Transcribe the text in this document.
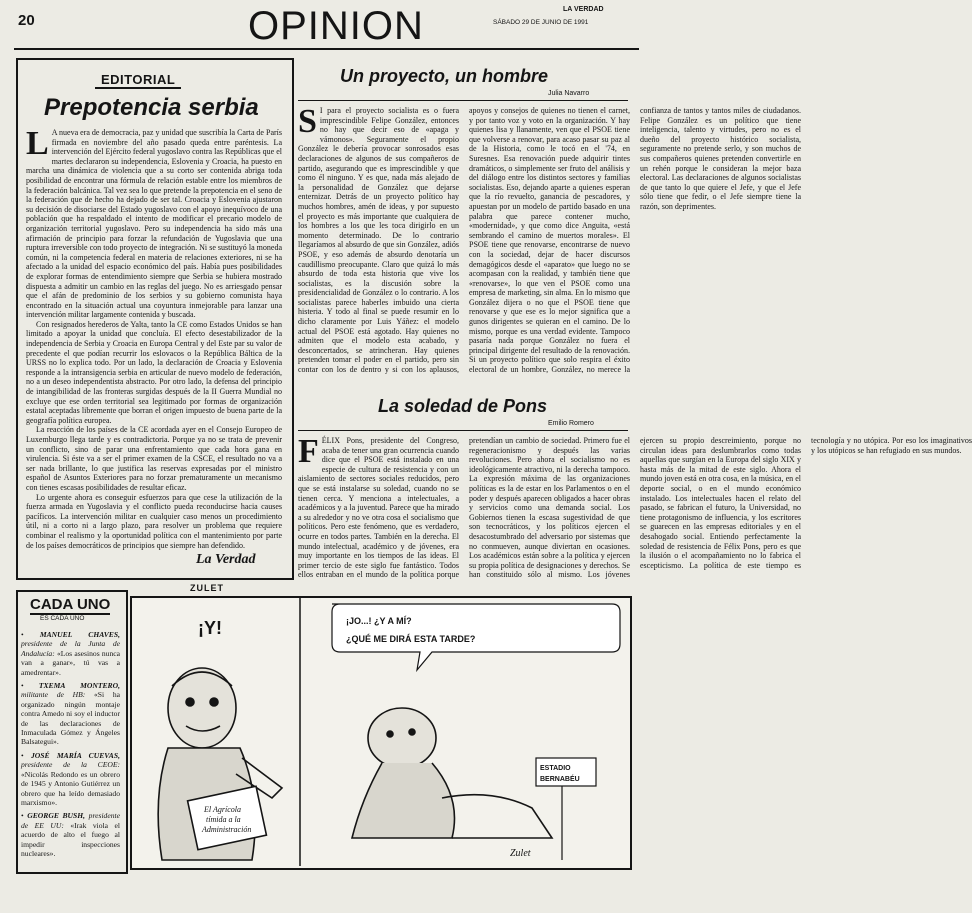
20	OPINION	LA VERDAD
SÁBADO 29 DE JUNIO DE 1991
EDITORIAL
Prepotencia serbia

L A nueva era de democracia, paz y unidad que suscribía la Carta de París firmada en noviembre del año pasado queda entre paréntesis. La intervención del Ejército federal yugoslavo contra las Repúblicas que el martes declararon su independencia, Eslovenia y Croacia, ha puesto en marcha una dinámica de violencia que a su corto ser contenida abriga toda posibilidad de encontrar una fórmula de relación estable entre los miembros de la federación balcánica. Tal vez sea lo que pretende la prepotencia en el seno de la federación que de hecho ha dejado de ser tal. Croacia y Eslovenia ajustaron su decisión de disociarse del Estado yugoslavo con el apoyo inequívoco de una población que ha respaldado el intento de modificar el precario modelo de organización territorial yugoslavo. Pero su independencia ha sido más una afirmación de principio para forzar la refundación de Yugoslavia que una ruptura irreversible con todo proyecto de integración. Ni se sustituyó la moneda común, ni la competencia federal en materia de relaciones exteriores, ni se ha afectado a la unidad del espacio económico del país. Había pues posibilidades de explorar formas de entendimiento siempre que Serbia se hubiera mostrado dispuesta a admitir un cambio en las reglas del juego. No es arriesgado pensar que el afán de predominio de los serbios y su gobierno comunista haya encontrado en la situación actual una coyuntura inmejorable para lanzar una intervención militar largamente contenida y buscada.

Con resignados herederos de Yalta, tanto la CE como Estados Unidos se han limitado a apoyar la unidad que concluía. El efecto desestabilizador de la independencia de Serbia y Croacia en Europa Central y del Este par su valor de precedente el que podían recurrir los eslovacos o la República Báltica de la URSS no lo explica todo. Por un lado, la declaración de Croacia y Eslovenia responde a la intransigencia serbia en articular de nuevo modelo de federación, no a un deseo independentista abstracto. Por otro lado, la defensa del principio de intangibilidad de las fronteras surgidas después de la II Guerra Mundial no excluye que ese orden territorial sea legitimado por formas de organización estatal aceptadas libremente que borran el origen impuesto de buena parte de la geografía política europea.

La reacción de los países de la CE acordada ayer en el Consejo Europeo de Luxemburgo llega tarde y es contradictoria. Porque ya no se trata de prevenir un conflicto, sino de parar una enfrentamiento que cada hora gana en virulencia. Si éste va a ser el primer examen de la CSCE, el resultado no va a ser nada brillante, lo que justifica las reservas expresadas por el ministro español de Asuntos Exteriores para no forzar prematuramente un mecanismo con tienes escasas posibilidades de resultar eficaz.

Lo urgente ahora es conseguir esfuerzos para que cese la utilización de la fuerza armada en Yugoslavia y el conflicto pueda reconducirse hacia causes pacíficos. La intervención militar en cualquier caso menos un procedimiento útil, ni a corto ni a largo plazo, para resolver un problema que requiere combinar el realismo y la oportunidad política con el mantenimiento por parte de los países democráticos de principios que siempre han defendido.

La Verdad
Un proyecto, un hombre
Julia Navarro

S I para el proyecto socialista es o fuera imprescindible Felipe González, entonces no hay que decir eso de «apaga y vámonos». Seguramente el propio González le debería provocar sonrosados esas declaraciones de algunos de sus compañeros de partido, asegurando que es imprescindible y que como él ninguno. Y es que, nada más alejado de la personalidad de González que dejarse enternizar. Detrás de un proyecto político hay muchos hombres, amén de ideas, y por supuesto el proyecto es más importante que cualquiera de los hombres a los que les toca dirigirlo en un momento determinado. De lo contrario llegaríamos al absurdo de que sin González, adiós PSOE, y eso además de absurdo denotaría un caudillismo preocupante. Claro que quizá lo más absurdo de toda esta historia que vive los socialistas, es la discusión sobre la presidencialidad de González o lo contrario. A los socialistas parece haberles imbuido una cierta histeria. Y todo al final se puede resumir en lo dicho claramente por Luis Yáñez: el modelo actual del PSOE está agotado. Hay quienes no admiten que el modelo esta acabado, y desconcertados, se atrincheran. Hay quienes pretenden tomar el poder en el partido, pero sin contar con los de dentro y si con los aplausos, apoyos y consejos de quienes no tienen el carnet, y por tanto voz y voto en la organización. Y hay quienes lisa y llanamente, ven que el PSOE tiene que volverse a renovar, para acaso pasar su paz al de la Historia, como le tocó en el '74, en Suresnes. Esa renovación puede adquirir tintes dramáticos, o simplemente ser fruto del análisis y del diálogo entre los distintos sectores y familias socialistas. Eso, dejando aparte a quienes esperan que la río revuelto, ganancia de pescadores, y apuestan por un modelo de partido basado en una palabra que parece contener mucho, «modernidad», y que como dice Anguita, «está sembrando el camino de muertos morales». El PSOE tiene que renovarse, encontrarse de nuevo con la sociedad, dejar de hacer discursos demagógicos desde el «aparato» que luego no se acompasan con la realidad, y también tiene que «renovarse», lo que ven el PSOE como una empresa de marketing, sin alma. En lo mismo que González dijera o no que el PSOE tiene que renovarse y que ese es lo mejor significa que a gunos dirigentes se quieran en el camino. De lo mismo, porque es una verdad evidente. Tampoco pasaría nada porque González no fuera el principal dirigente del resultado de la renovación. Si un proyecto político que solo respira el éxito electoral de un hombre, González, no merece la confianza de tantos y tantos miles de ciudadanos. Felipe González es un político que tiene inteligencia, talento y virtudes, pero no es el dueño del proyecto histórico socialista, seguramente no pretende serlo, y son muchos de sus compañeros quienes pretenden convertirle en un rehén porque le consideran la mejor baza electoral. Las declaraciones de algunos socialistas de que tanto lo que quiere el Jefe, y que el Jefe sólo tiene que fedir, o el Jefe siempre tiene la razón, son deprimentes.

La soledad de Pons
Emilio Romero

FÉLIX Pons, presidente del Congreso, acaba de tener una gran ocurrencia cuando dice que el PSOE está instalado en una especie de cultura de resistencia y con un aislamiento de sectores sociales reducidos, pero que se está instalarse su soledad, cuando no se tienen cerca. Y menciona a intelectuales, a académicos y a la juventud. Parece que ha mirado a su alrededor y no ve otra cosa el socialismo que políticos. Pero este fenómeno, que es verdadero, ocurre en todos partes. También en la derecha. El mundo intelectual, académico y de jóvenes, era muy importante en los tiempos de las ideas. El primer tercio de este siglo fue fantástico. Todos ellos entraban en el mundo de la política porque pretendían un cambio de sociedad. Primero fue el regeneracionismo y después las varias revoluciones. Pero ahora el socialismo no es ideológicamente atractivo, ni la derecha tampoco. La expresión máxima de las organizaciones políticas es la de estar en los Parlamentos o en el poder y después aparecen obligados a hacer obras y servicios como una demanda social. Los Gobiernos tienen la escasa sugestividad de que son tecnocráticos, y los políticos ejercen el desacostumbrado del adversario por sistemas que no conmueven, aunque diviertan en ocasiones. Los académicos están sobre a la política y ejercen su propia política de designaciones y derechos. Se han constituido sólo al mismo. Los jóvenes ejercen su propio descreimiento, porque no circulan ideas para deslumbrarlos como todas aquellas que surgían en la Europa del siglo XIX y hasta más de la mitad de este siglo. Ahora el mundo joven está en otra cosa, en la música, en el deporte social, o en el mundo económico instalado. Los intelectuales hacen el relato del pasado, se fabrican el futuro, la Universidad, no tiene protagonismo de influencia, y los escritores se guarecen en las empresas editoriales y en el desahogado social. Entiendo perfectamente la soledad de resistencia de Félix Pons, pero es que la ilusión o el acompañamiento no lo fabrica el escepticismo. La política de este tiempo es tecnología y no utópica. Por eso los imaginativos y los utópicos se han refugiado en sus mundos.

CADA UNO
ES CADA UNO

• MANUEL CHAVES, presidente de la Junta de Andalucía: «Los asesinos nunca van a ganar», tú vas a amedrentar».

• TXEMA MONTERO, militante de HB: «Si ha organizado ningún montaje contra Amedo ni soy el inductor de las declaraciones de Inmaculada Gómez y Ángeles Balsategui».

• JOSÉ MARÍA CUEVAS, presidente de la CEOE: «Nicolás Redondo es un obrero de 1945 y Antonio Gutiérrez un obrero que ha leído demasiado marxismo».

• GEORGE BUSH, presidente de EE UU: «Irak viola el acuerdo de alto el fuego al impedir inspecciones nucleares».

ZULET
¡Y!
El Agrícola
tímida a la
Administración
¡JO...! ¿Y A MÍ?
¿QUÉ ME DIRÁ ESTA TARDE?
ESTADIO
BERNABÉU
Zulet
